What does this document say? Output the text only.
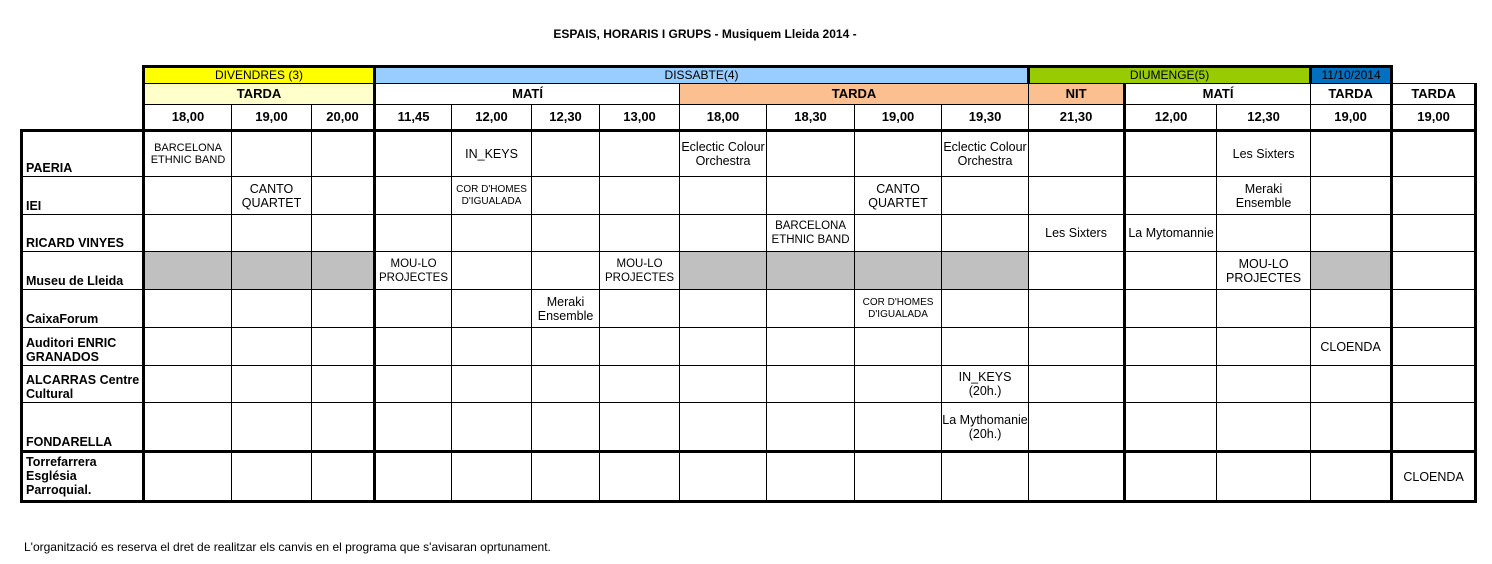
ESPAIS, HORARIS I GRUPS - Musiquem Lleida 2014 -
	DIVENDRES (3)			DISSABTE(4)								DIUMENGE(5)			11/10/2014	
	TARDA			MATÍ				TARDA				NIT	MATÍ		TARDA	TARDA
	18,00	19,00	20,00	11,45	12,00	12,30	13,00	18,00	18,30	19,00	19,30	21,30	12,00	12,30	19,00	19,00
PAERIA	BARCELONA ETHNIC BAND				IN_KEYS			Eclectic Colour Orchestra			Eclectic Colour Orchestra			Les Sixters		
IEI		CANTO QUARTET			COR D'HOMES D'IGUALADA					CANTO QUARTET				Meraki Ensemble		
RICARD VINYES									BARCELONA ETHNIC BAND			Les Sixters	La Mytomannie			
Museu de Lleida				MOU-LO PROJECTES			MOU-LO PROJECTES							MOU-LO PROJECTES		
CaixaForum						Meraki Ensemble				COR D'HOMES D'IGUALADA						
Auditori ENRIC GRANADOS															CLOENDA	
ALCARRAS Centre Cultural											IN_KEYS (20h.)					
FONDARELLA											La Mythomanie (20h.)					
Torrefarrera Església Parroquial.																CLOENDA
L'organització es reserva el dret de realitzar els canvis en el programa que s'avisaran oprtunament.
